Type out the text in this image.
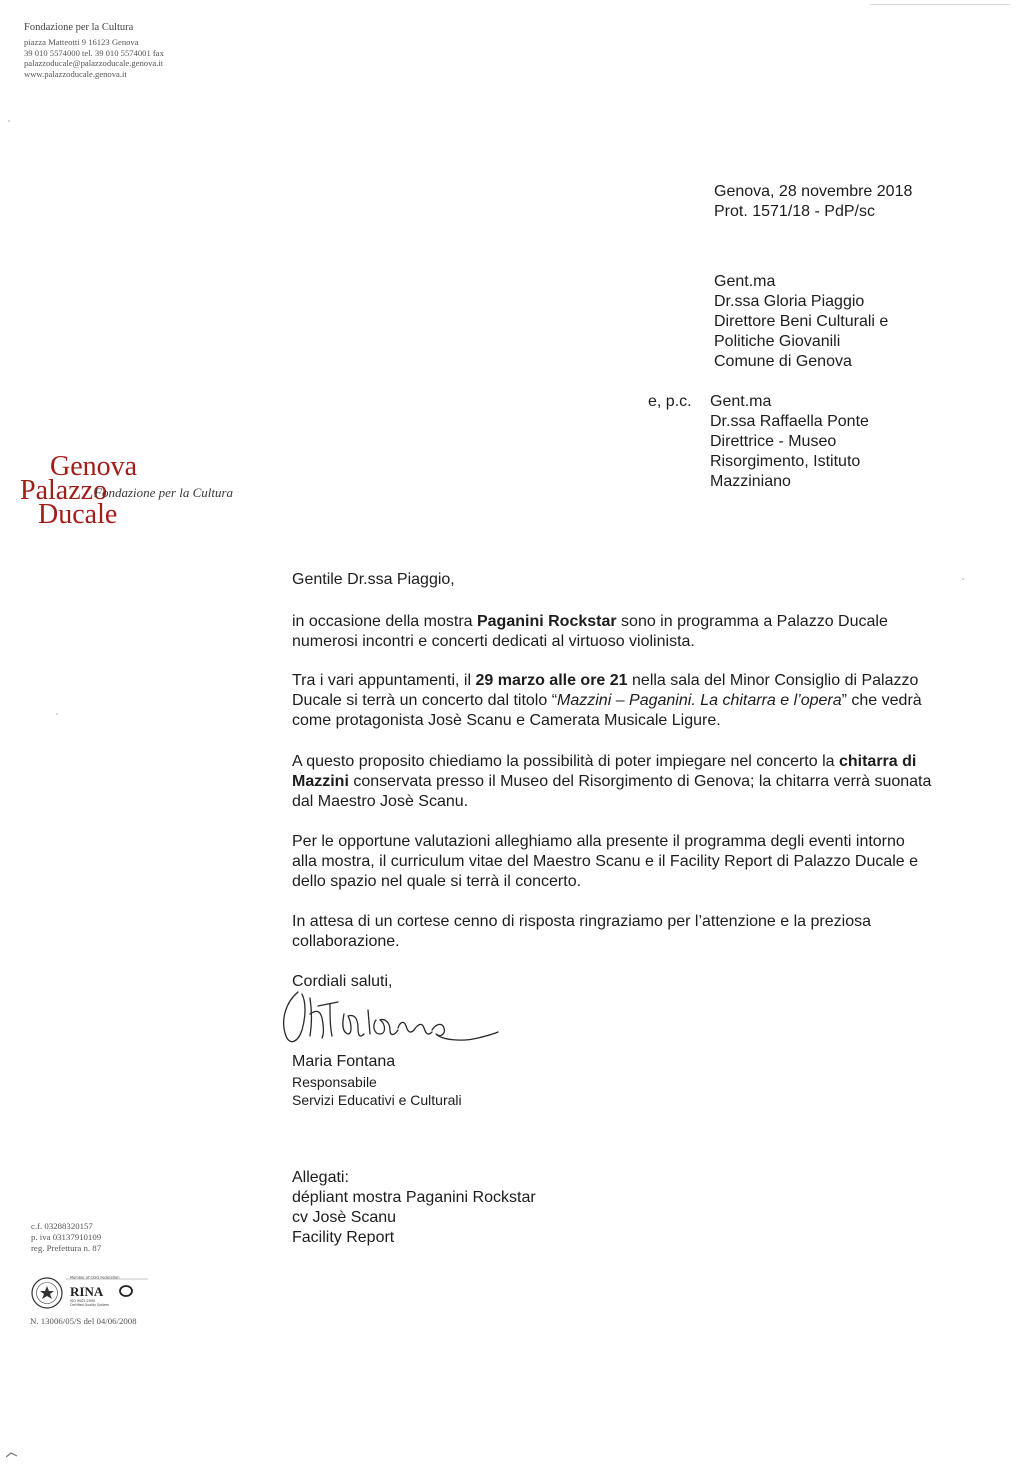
Fondazione per la Cultura
piazza Matteotti 9 16123 Genova
39 010 5574000 tel. 39 010 5574001 fax
palazzoducale@palazzoducale.genova.it
www.palazzoducale.genova.it
Genova
Palazzo
Fondazione per la Cultura
Ducale
Genova, 28 novembre 2018
Prot. 1571/18 - PdP/sc
Gent.ma
Dr.ssa Gloria Piaggio
Direttore Beni Culturali e
Politiche Giovanili
Comune di Genova
e, p.c. Gent.ma
Dr.ssa Raffaella Ponte
Direttrice - Museo
Risorgimento, Istituto
Mazziniano

Gentile Dr.ssa Piaggio,

in occasione della mostra Paganini Rockstar sono in programma a Palazzo Ducale numerosi incontri e concerti dedicati al virtuoso violinista.

Tra i vari appuntamenti, il 29 marzo alle ore 21 nella sala del Minor Consiglio di Palazzo Ducale si terrà un concerto dal titolo “Mazzini – Paganini. La chitarra e l’opera” che vedrà come protagonista Josè Scanu e Camerata Musicale Ligure.

A questo proposito chiediamo la possibilità di poter impiegare nel concerto la chitarra di Mazzini conservata presso il Museo del Risorgimento di Genova; la chitarra verrà suonata dal Maestro Josè Scanu.

Per le opportune valutazioni alleghiamo alla presente il programma degli eventi intorno alla mostra, il curriculum vitae del Maestro Scanu e il Facility Report di Palazzo Ducale e dello spazio nel quale si terrà il concerto.

In attesa di un cortese cenno di risposta ringraziamo per l’attenzione e la preziosa collaborazione.

Cordiali saluti,

Maria Fontana
Responsabile
Servizi Educativi e Culturali
Allegati:
dépliant mostra Paganini Rockstar
cv Josè Scanu
Facility Report
c.f. 03288320157
p. iva 03137910109
reg. Prefettura n. 87
Member of CISQ Federation
RINA
ISO 9001:2000
Certified Quality System
N. 13006/05/S del 04/06/2008
